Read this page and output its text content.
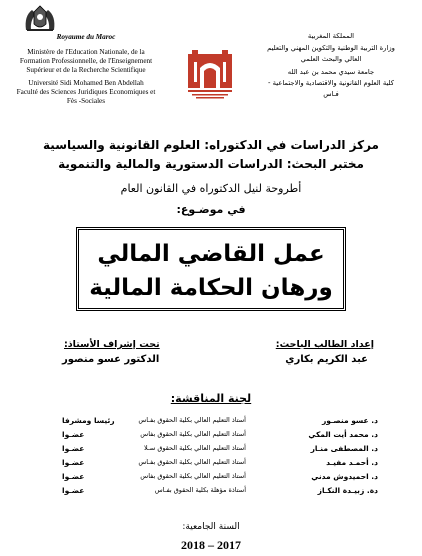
Royaume du Maroc
Ministère de l'Education Nationale, de la
Formation Professionnelle, de l'Enseignement
Supérieur et de la Recherche Scientifique
Université Sidi Mohamed Ben Abdellah
Faculté des Sciences Juridiques Economiques et
Fès -Sociales
المملكة المغربية
وزارة التربية الوطنية والتكوين المهني والتعليم
العالي والبحث العلمي
جامعة سيدي محمد بن عبد الله
كلية العلوم القانونية والاقتصادية والاجتماعية -
فـاس
مركز الدراسات في الدكتوراه: العلوم القانونية والسياسية
مختبر البحث: الدراسات الدستورية والمالية والتنموية
أطروحة لنيل الدكتوراه في القانون العام
في موضـوع:
عمل القاضي المالي
ورهان الحكامة المالية
إعداد الطالب الباحث:
عبد الكريم بكاري
تحت إشراف الأستاذ:
الدكتور عسو منصور
لجنة المناقشة:
د. عسو منصـور
أستاذ التعليم العالي بكلية الحقوق بفـاس
رئيسا ومشرفا
د. محمد أيت المكي
أستاذ التعليم العالي بكلية الحقوق بفاس
عضـوا
د. المصطفى منـار
أستاذ التعليم العالي بكلية الحقوق سـلا
عضـوا
د. أحمـد مفيـد
أستاذ التعليم العالي بكلية الحقوق بفـاس
عضـوا
د. احميدوش مدني
أستاذ التعليم العالي بكلية الحقوق بفاس
عضـوا
دة. زبيـدة النكـاز
أستاذة مؤهلة بكلية الحقوق بفـاس
عضـوا
السنة الجامعية:
2018 – 2017
